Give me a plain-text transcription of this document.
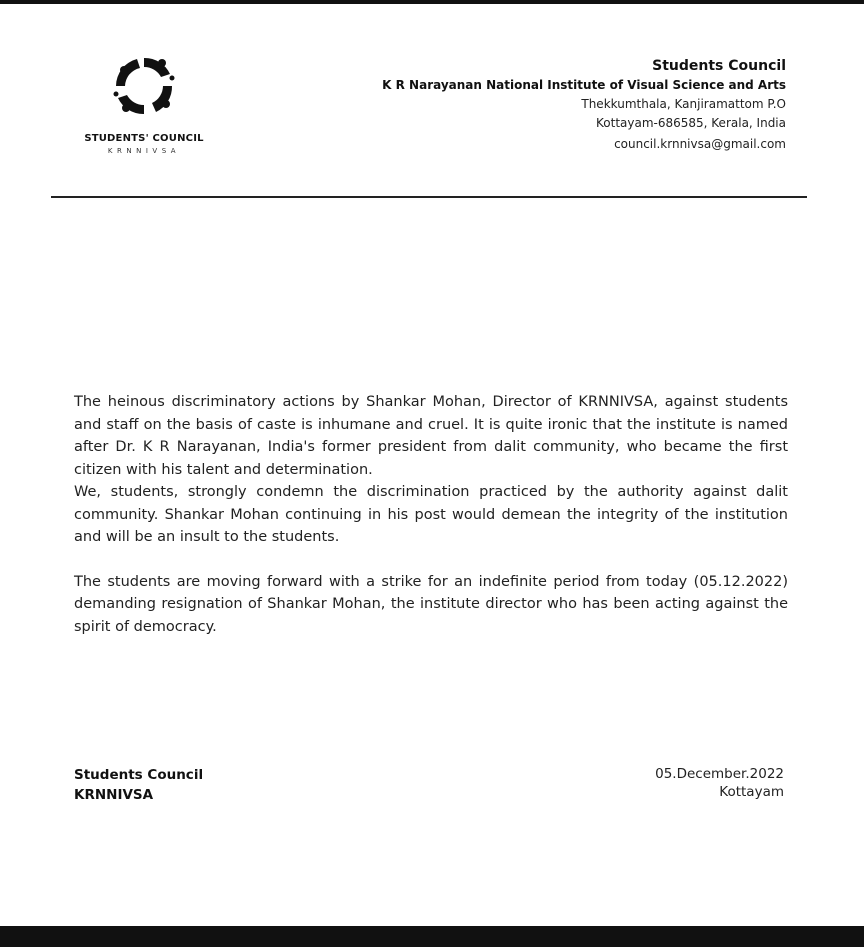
STUDENTS' COUNCIL
KRNNIVSA
Students Council
K R Narayanan National Institute of Visual Science and Arts
Thekkumthala, Kanjiramattom P.O
Kottayam-686585, Kerala, India
council.krnnivsa@gmail.com

The heinous discriminatory actions by Shankar Mohan, Director of KRNNIVSA, against students and staff on the basis of caste is inhumane and cruel. It is quite ironic that the institute is named after Dr. K R Narayanan, India's former president from dalit community, who became the first citizen with his talent and determination.

We, students, strongly condemn the discrimination practiced by the authority against dalit community. Shankar Mohan continuing in his post would demean the integrity of the institution and will be an insult to the students.

The students are moving forward with a strike for an indefinite period from today (05.12.2022) demanding resignation of Shankar Mohan, the institute director who has been acting against the spirit of democracy.

Students Council
KRNNIVSA
05.December.2022
Kottayam
